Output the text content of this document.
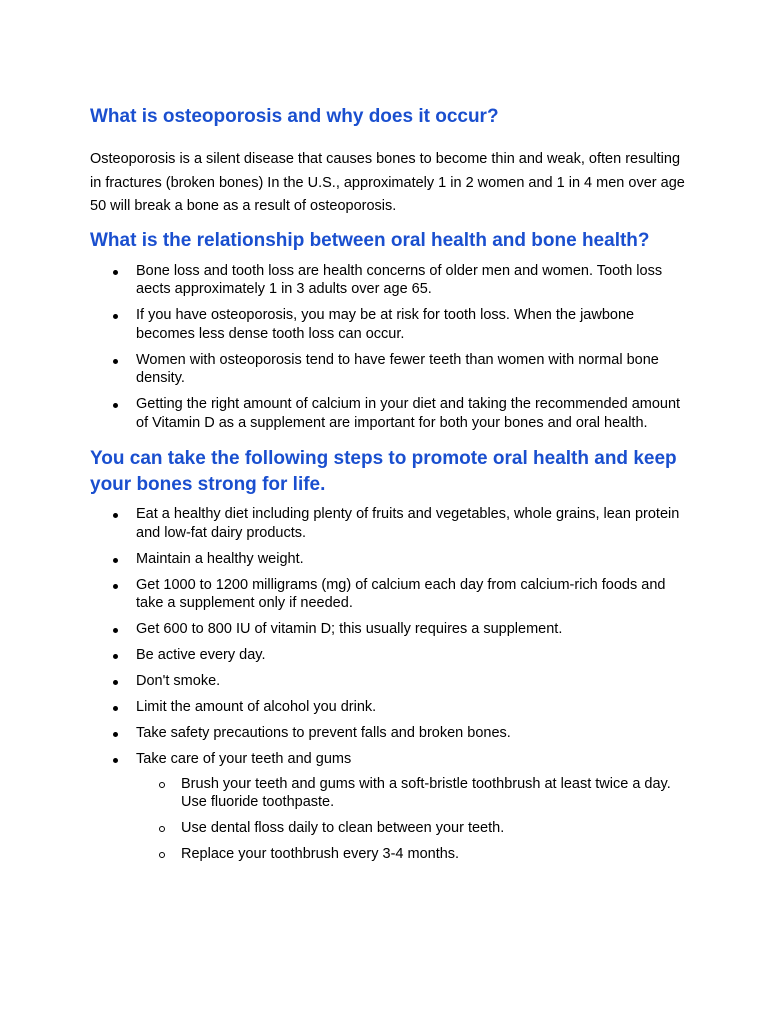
What is osteoporosis and why does it occur?

Osteoporosis is a silent disease that causes bones to become thin and weak, often resulting in fractures (broken bones) In the U.S., approximately 1 in 2 women and 1 in 4 men over age 50 will break a bone as a result of osteoporosis.

What is the relationship between oral health and bone health?
Bone loss and tooth loss are health concerns of older men and women. Tooth loss aects approximately 1 in 3 adults over age 65.
If you have osteoporosis, you may be at risk for tooth loss. When the jawbone becomes less dense tooth loss can occur.
Women with osteoporosis tend to have fewer teeth than women with normal bone density.
Getting the right amount of calcium in your diet and taking the recommended amount of Vitamin D as a supplement are important for both your bones and oral health.
You can take the following steps to promote oral health and keep your bones strong for life.
Eat a healthy diet including plenty of fruits and vegetables, whole grains, lean protein and low-fat dairy products.
Maintain a healthy weight.
Get 1000 to 1200 milligrams (mg) of calcium each day from calcium-rich foods and take a supplement only if needed.
Get 600 to 800 IU of vitamin D; this usually requires a supplement.
Be active every day.
Don't smoke.
Limit the amount of alcohol you drink.
Take safety precautions to prevent falls and broken bones.
Take care of your teeth and gums
Brush your teeth and gums with a soft-bristle toothbrush at least twice a day. Use fluoride toothpaste.
Use dental floss daily to clean between your teeth.
Replace your toothbrush every 3-4 months.
